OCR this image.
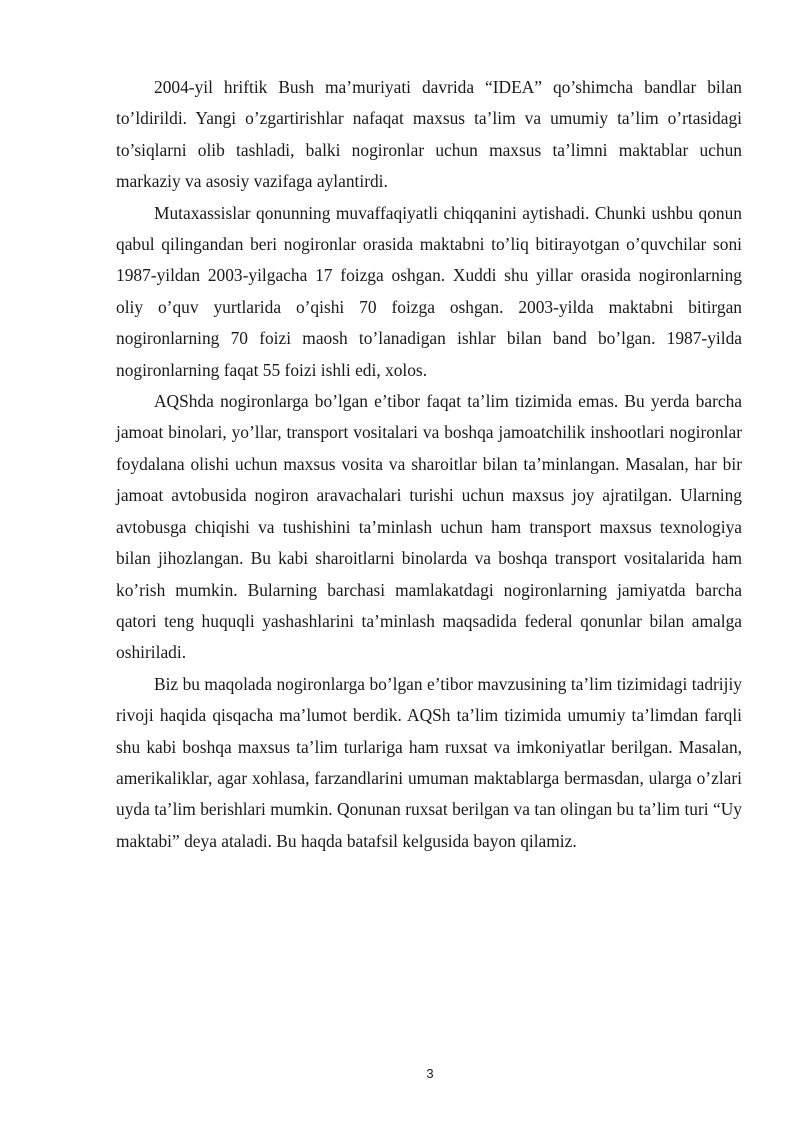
2004-yil hriftik Bush ma’muriyati davrida “IDEA” qo’shimcha bandlar bilan to’ldirildi. Yangi o’zgartirishlar nafaqat maxsus ta’lim va umumiy ta’lim o’rtasidagi to’siqlarni olib tashladi, balki nogironlar uchun maxsus ta’limni maktablar uchun markaziy va asosiy vazifaga aylantirdi.

Mutaxassislar qonunning muvaffaqiyatli chiqqanini aytishadi. Chunki ushbu qonun qabul qilingandan beri nogironlar orasida maktabni to’liq bitirayotgan o’quvchilar soni 1987-yildan 2003-yilgacha 17 foizga oshgan. Xuddi shu yillar orasida nogironlarning oliy o’quv yurtlarida o’qishi 70 foizga oshgan. 2003-yilda maktabni bitirgan nogironlarning 70 foizi maosh to’lanadigan ishlar bilan band bo’lgan. 1987-yilda nogironlarning faqat 55 foizi ishli edi, xolos.

AQShda nogironlarga bo’lgan e’tibor faqat ta’lim tizimida emas. Bu yerda barcha jamoat binolari, yo’llar, transport vositalari va boshqa jamoatchilik inshootlari nogironlar foydalana olishi uchun maxsus vosita va sharoitlar bilan ta’minlangan. Masalan, har bir jamoat avtobusida nogiron aravachalari turishi uchun maxsus joy ajratilgan. Ularning avtobusga chiqishi va tushishini ta’minlash uchun ham transport maxsus texnologiya bilan jihozlangan. Bu kabi sharoitlarni binolarda va boshqa transport vositalarida ham ko’rish mumkin. Bularning barchasi mamlakatdagi nogironlarning jamiyatda barcha qatori teng huquqli yashashlarini ta’minlash maqsadida federal qonunlar bilan amalga oshiriladi.

Biz bu maqolada nogironlarga bo’lgan e’tibor mavzusining ta’lim tizimidagi tadrijiy rivoji haqida qisqacha ma’lumot berdik. AQSh ta’lim tizimida umumiy ta’limdan farqli shu kabi boshqa maxsus ta’lim turlariga ham ruxsat va imkoniyatlar berilgan. Masalan, amerikaliklar, agar xohlasa, farzandlarini umuman maktablarga bermasdan, ularga o’zlari uyda ta’lim berishlari mumkin. Qonunan ruxsat berilgan va tan olingan bu ta’lim turi “Uy maktabi” deya ataladi. Bu haqda batafsil kelgusida bayon qilamiz.

3
